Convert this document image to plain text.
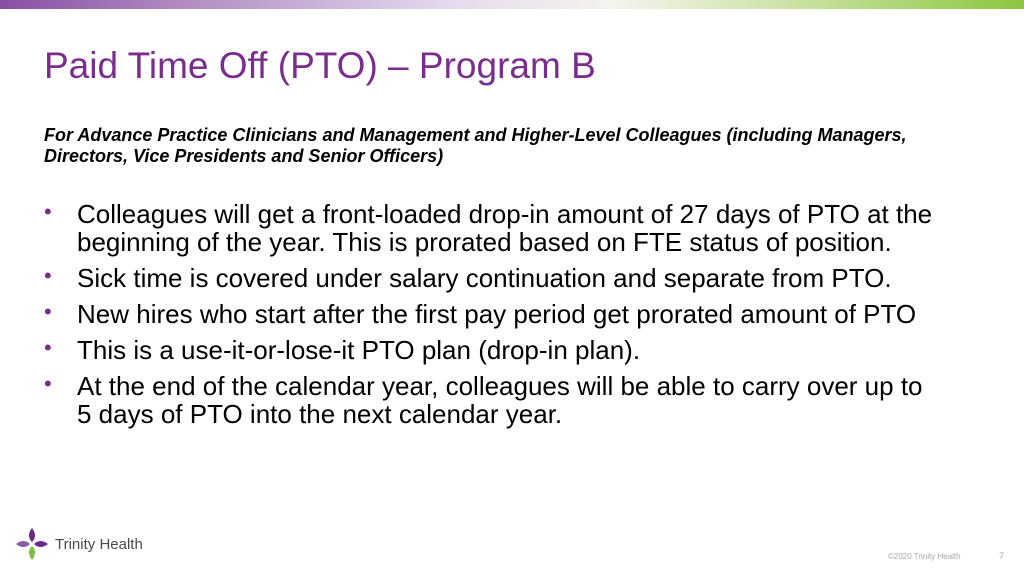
Paid Time Off (PTO) – Program B
For Advance Practice Clinicians and Management and Higher-Level Colleagues (including Managers, Directors, Vice Presidents and Senior Officers)
• Colleagues will get a front-loaded drop-in amount of 27 days of PTO at the beginning of the year. This is prorated based on FTE status of position.
• Sick time is covered under salary continuation and separate from PTO.
• New hires who start after the first pay period get prorated amount of PTO
• This is a use-it-or-lose-it PTO plan (drop-in plan).
• At the end of the calendar year, colleagues will be able to carry over up to 5 days of PTO into the next calendar year.
Trinity Health
©2020 Trinity Health	7
